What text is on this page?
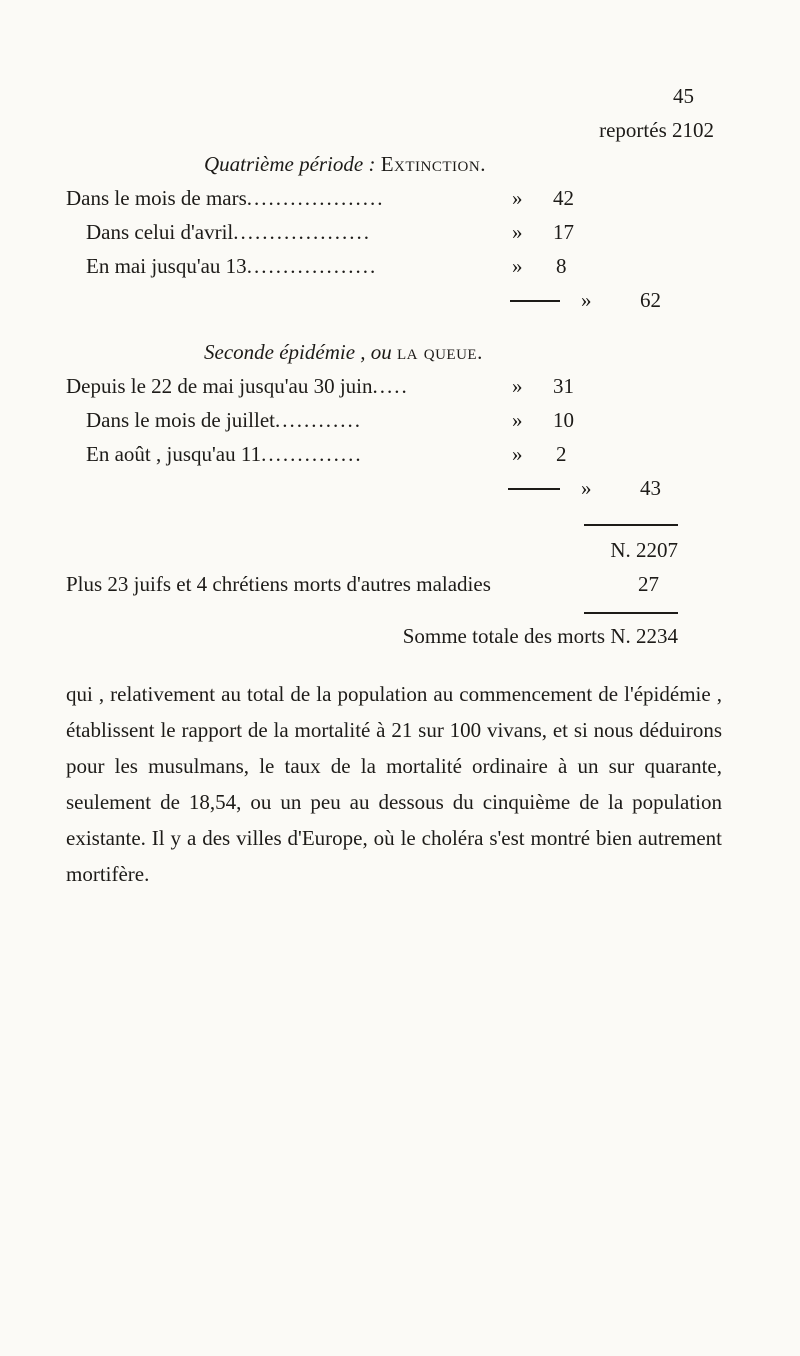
45
reportés 2102
Quatrième période : Extinction.
Dans le mois de mars...................	» 42
Dans celui d'avril...................	» 17
En mai jusqu'au 13..................	» 8
» 62
Seconde épidémie , ou la queue.
Depuis le 22 de mai jusqu'au 30 juin.....	» 31
Dans le mois de juillet............	» 10
En août , jusqu'au 11..............	» 2
» 43
N. 2207
Plus 23 juifs et 4 chrétiens morts d'autres maladies	27
Somme totale des morts N. 2234
qui , relativement au total de la population au commencement de l'épidémie , établissent le rapport de la mortalité à 21 sur 100 vivans, et si nous déduirons pour les musulmans, le taux de la mortalité ordinaire à un sur quarante, seulement de 18,54, ou un peu au dessous du cinquième de la population existante. Il y a des villes d'Europe, où le choléra s'est montré bien autrement mortifère.
